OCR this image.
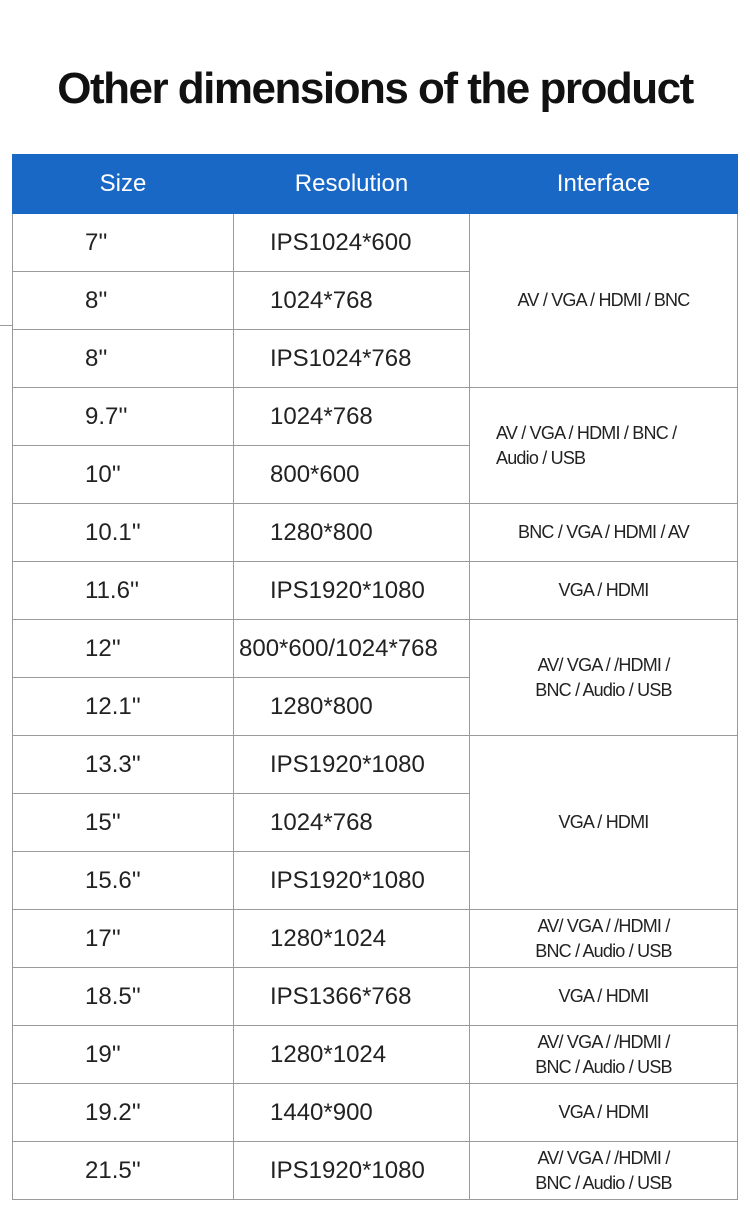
Other dimensions of the product
Size	Resolution	Interface
7''	IPS1024*600	AV / VGA / HDMI / BNC

8''	1024*768	
8''	IPS1024*768	
9.7''	1024*768	AV / VGA / HDMI / BNC /
Audio / USB

10''	800*600	
10.1''	1280*800	BNC / VGA / HDMI / AV

11.6''	IPS1920*1080	VGA / HDMI

12''	800*600/1024*768	AV/ VGA / /HDMI /
BNC / Audio / USB

12.1''	1280*800	
13.3''	IPS1920*1080	VGA / HDMI

15''	1024*768	
15.6''	IPS1920*1080	
17''	1280*1024	AV/ VGA / /HDMI /
BNC / Audio / USB

18.5''	IPS1366*768	VGA / HDMI

19''	1280*1024	AV/ VGA / /HDMI /
BNC / Audio / USB

19.2''	1440*900	VGA / HDMI

21.5''	IPS1920*1080	AV/ VGA / /HDMI /
BNC / Audio / USB
